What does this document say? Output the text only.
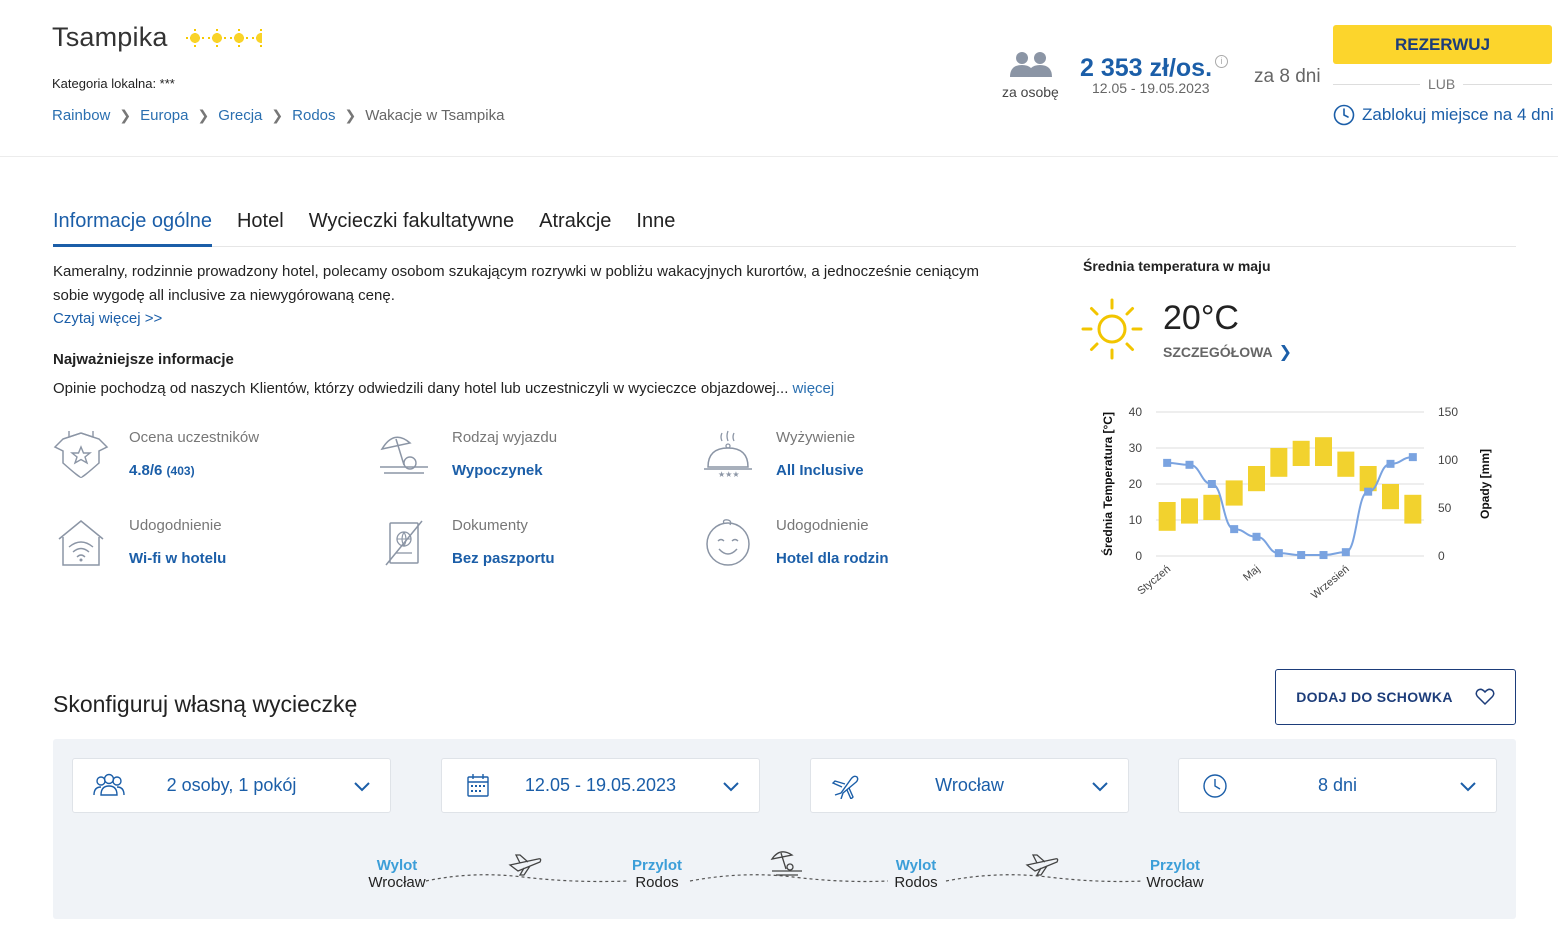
Tsampika
Kategoria lokalna: ***
Rainbow ❯ Europa ❯ Grecja ❯ Rodos ❯ Wakacje w Tsampika
za osobę
2 353 zł/os. i
12.05 - 19.05.2023
za 8 dni
REZERWUJ
LUB
Zablokuj miejsce na 4 dni
Informacje ogólne Hotel Wycieczki fakultatywne Atrakcje Inne
Kameralny, rodzinnie prowadzony hotel, polecamy osobom szukającym rozrywki w pobliżu wakacyjnych kurortów, a jednocześnie ceniącym sobie wygodę all inclusive za niewygórowaną cenę.
Czytaj więcej >>
Najważniejsze informacje
Opinie pochodzą od naszych Klientów, którzy odwiedzili dany hotel lub uczestniczyli w wycieczce objazdowej... więcej
Ocena uczestników
4.8/6 (403)
Rodzaj wyjazdu
Wypoczynek	★★★
Wyżywienie
All Inclusive
Udogodnienie
Wi-fi w hotelu
Dokumenty
Bez paszportu
Udogodnienie
Hotel dla rodzin
Średnia temperatura w maju
20°C
SZCZEGÓŁOWA ❯
0
10
20
30
40
0
50
100
150
Styczeń	Maj	Wrzesień
Średnia Temperatura [°C]	Opady [mm]
Skonfiguruj własną wycieczkę	DODAJ DO SCHOWKA
2 osoby, 1 pokój	12.05 - 19.05.2023	Wrocław	8 dni
Wylot
Wrocław
Przylot
Rodos
Wylot
Rodos
Przylot
Wrocław
